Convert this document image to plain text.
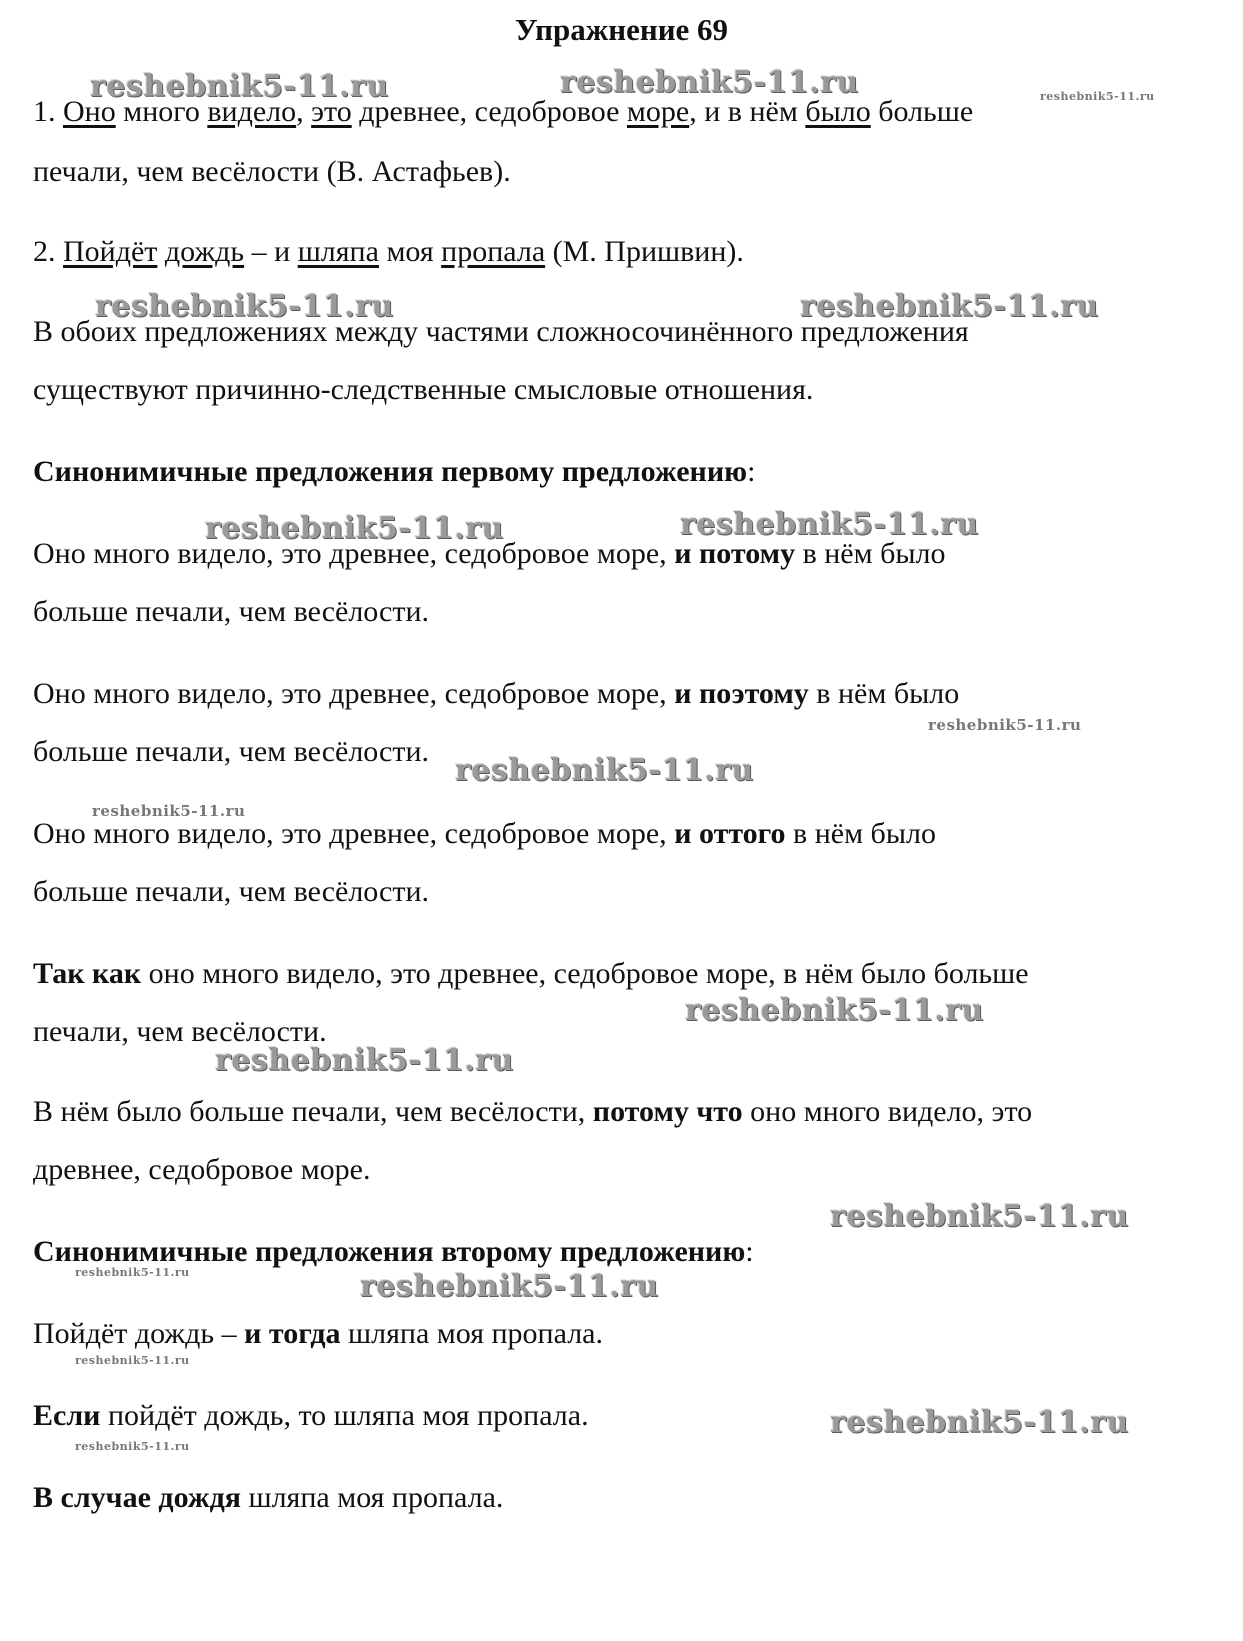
Упражнение 69
1. Оно много видело, это древнее, седобровое море, и в нём было больше
печали, чем весёлости (В. Астафьев).
2. Пойдёт дождь – и шляпа моя пропала (М. Пришвин).
В обоих предложениях между частями сложносочинённого предложения
существуют причинно-следственные смысловые отношения.
Синонимичные предложения первому предложению:
Оно много видело, это древнее, седобровое море, и потому в нём было
больше печали, чем весёлости.
Оно много видело, это древнее, седобровое море, и поэтому в нём было
больше печали, чем весёлости.
Оно много видело, это древнее, седобровое море, и оттого в нём было
больше печали, чем весёлости.
Так как оно много видело, это древнее, седобровое море, в нём было больше
печали, чем весёлости.
В нём было больше печали, чем весёлости, потому что оно много видело, это
древнее, седобровое море.
Синонимичные предложения второму предложению:
Пойдёт дождь – и тогда шляпа моя пропала.
Если пойдёт дождь, то шляпа моя пропала.
В случае дождя шляпа моя пропала.
reshebnik5-11.ru	reshebnik5-11.ru	reshebnik5-11.ru
reshebnik5-11.ru	reshebnik5-11.ru
reshebnik5-11.ru	reshebnik5-11.ru
reshebnik5-11.ru
reshebnik5-11.ru
reshebnik5-11.ru
reshebnik5-11.ru
reshebnik5-11.ru
reshebnik5-11.ru
reshebnik5-11.ru	reshebnik5-11.ru
reshebnik5-11.ru
reshebnik5-11.ru
reshebnik5-11.ru
